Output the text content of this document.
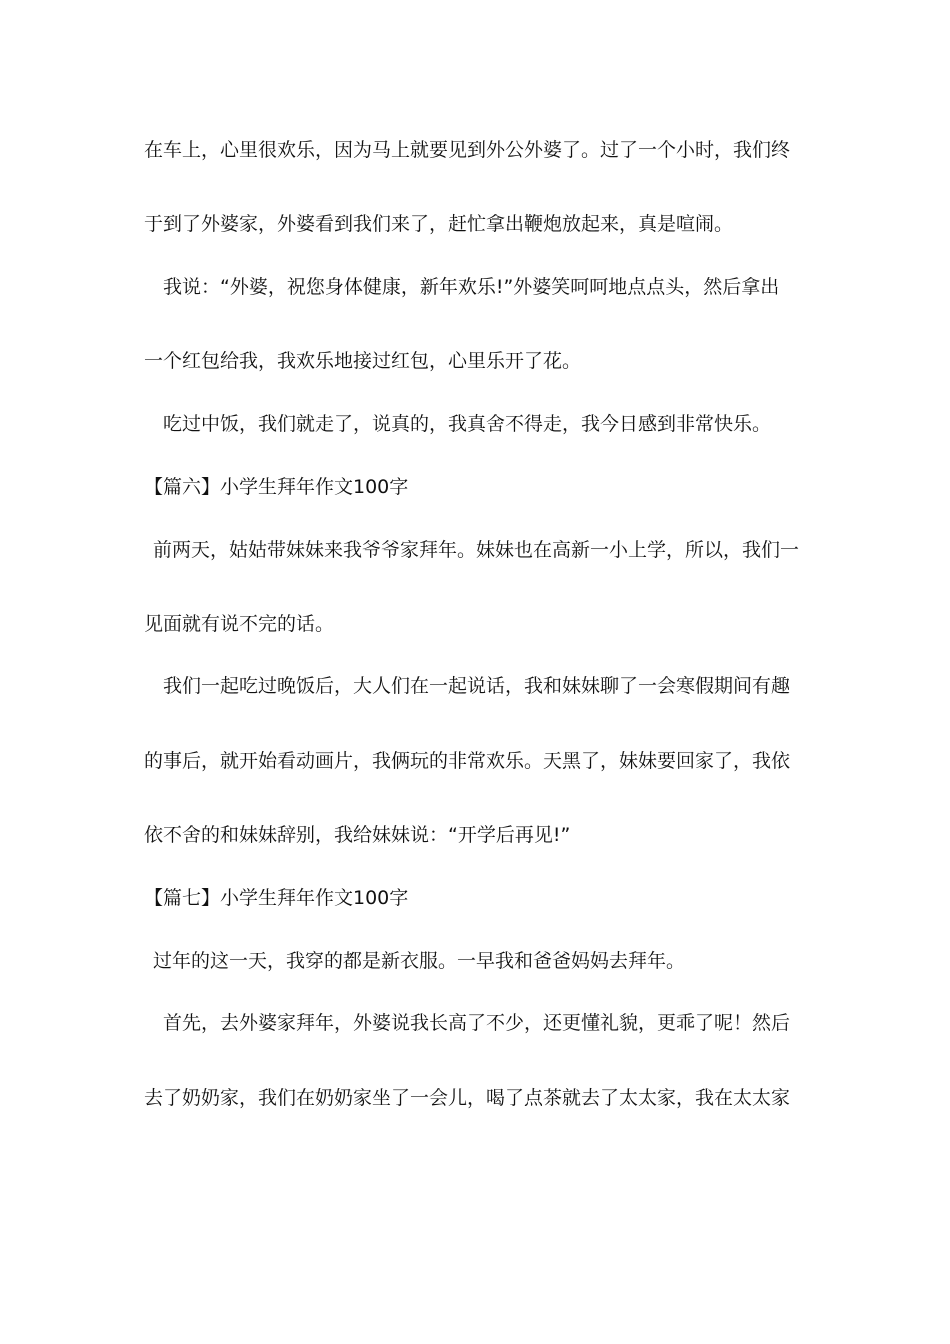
在车上，心里很欢乐，因为马上就要见到外公外婆了。过了一个小时，我们终
于到了外婆家，外婆看到我们来了，赶忙拿出鞭炮放起来，真是喧闹。
我说：“外婆，祝您身体健康，新年欢乐!”外婆笑呵呵地点点头，然后拿出
一个红包给我，我欢乐地接过红包，心里乐开了花。
吃过中饭，我们就走了，说真的，我真舍不得走，我今日感到非常快乐。
【篇六】小学生拜年作文100字
前两天，姑姑带妹妹来我爷爷家拜年。妹妹也在高新一小上学，所以，我们一
见面就有说不完的话。
我们一起吃过晚饭后，大人们在一起说话，我和妹妹聊了一会寒假期间有趣
的事后，就开始看动画片，我俩玩的非常欢乐。天黑了，妹妹要回家了，我依
依不舍的和妹妹辞别，我给妹妹说：“开学后再见!”
【篇七】小学生拜年作文100字
过年的这一天，我穿的都是新衣服。一早我和爸爸妈妈去拜年。
首先，去外婆家拜年，外婆说我长高了不少，还更懂礼貌，更乖了呢！然后
去了奶奶家，我们在奶奶家坐了一会儿，喝了点茶就去了太太家，我在太太家
